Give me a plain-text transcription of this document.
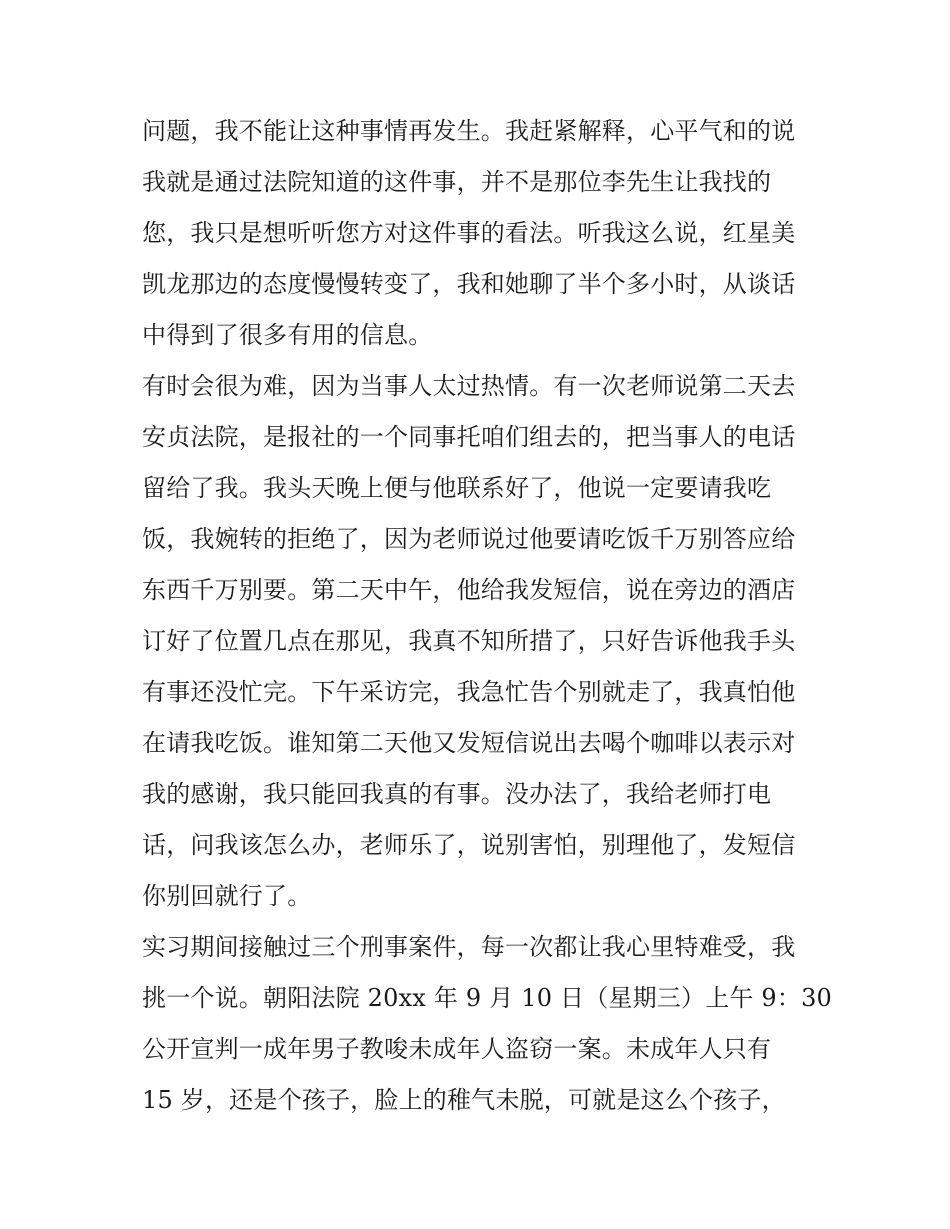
问题，我不能让这种事情再发生。我赶紧解释，心平气和的说
我就是通过法院知道的这件事，并不是那位李先生让我找的
您，我只是想听听您方对这件事的看法。听我这么说，红星美
凯龙那边的态度慢慢转变了，我和她聊了半个多小时，从谈话
中得到了很多有用的信息。
有时会很为难，因为当事人太过热情。有一次老师说第二天去
安贞法院，是报社的一个同事托咱们组去的，把当事人的电话
留给了我。我头天晚上便与他联系好了，他说一定要请我吃
饭，我婉转的拒绝了，因为老师说过他要请吃饭千万别答应给
东西千万别要。第二天中午，他给我发短信，说在旁边的酒店
订好了位置几点在那见，我真不知所措了，只好告诉他我手头
有事还没忙完。下午采访完，我急忙告个别就走了，我真怕他
在请我吃饭。谁知第二天他又发短信说出去喝个咖啡以表示对
我的感谢，我只能回我真的有事。没办法了，我给老师打电
话，问我该怎么办，老师乐了，说别害怕，别理他了，发短信
你别回就行了。
实习期间接触过三个刑事案件，每一次都让我心里特难受，我
挑一个说。朝阳法院 20xx 年 9 月 10 日（星期三）上午 9：30
公开宣判一成年男子教唆未成年人盗窃一案。未成年人只有
15 岁，还是个孩子，脸上的稚气未脱，可就是这么个孩子，
